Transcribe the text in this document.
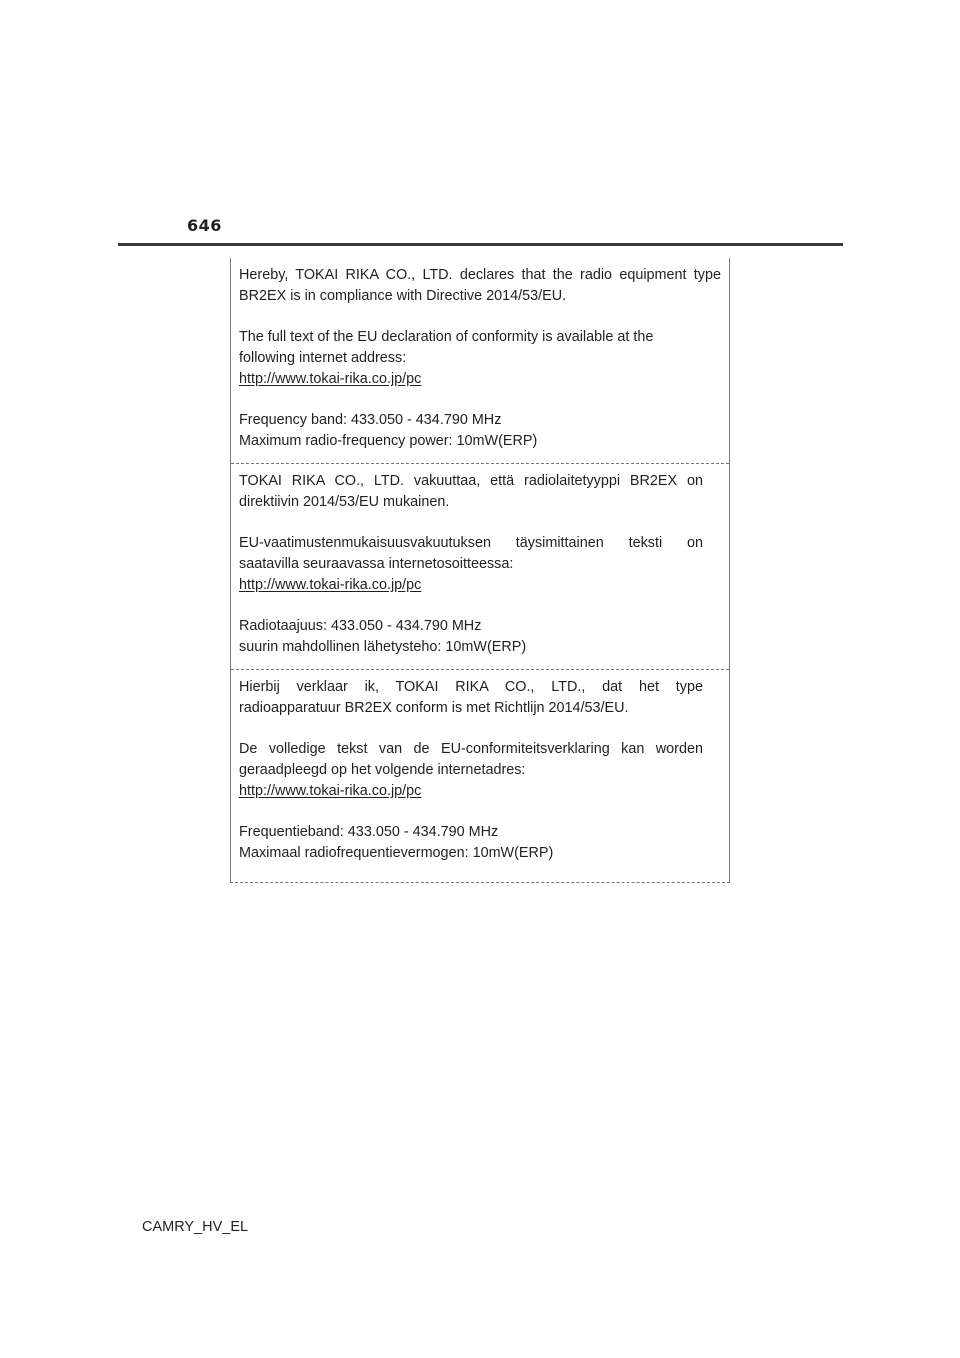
646

Hereby, TOKAI RIKA CO., LTD. declares that the radio equipment type
BR2EX is in compliance with Directive 2014/53/EU.

The full text of the EU declaration of conformity is available at the
following internet address:
http://www.tokai-rika.co.jp/pc

Frequency band: 433.050 - 434.790 MHz
Maximum radio-frequency power: 10mW(ERP)

TOKAI RIKA CO., LTD. vakuuttaa, että radiolaitetyyppi BR2EX on
direktiivin 2014/53/EU mukainen.

EU-vaatimustenmukaisuusvakuutuksen täysimittainen teksti on
saatavilla seuraavassa internetosoitteessa:
http://www.tokai-rika.co.jp/pc

Radiotaajuus: 433.050 - 434.790 MHz
suurin mahdollinen lähetysteho: 10mW(ERP)

Hierbij verklaar ik, TOKAI RIKA CO., LTD., dat het type
radioapparatuur BR2EX conform is met Richtlijn 2014/53/EU.

De volledige tekst van de EU-conformiteitsverklaring kan worden
geraadpleegd op het volgende internetadres:
http://www.tokai-rika.co.jp/pc

Frequentieband: 433.050 - 434.790 MHz
Maximaal radiofrequentievermogen: 10mW(ERP)

CAMRY_HV_EL
